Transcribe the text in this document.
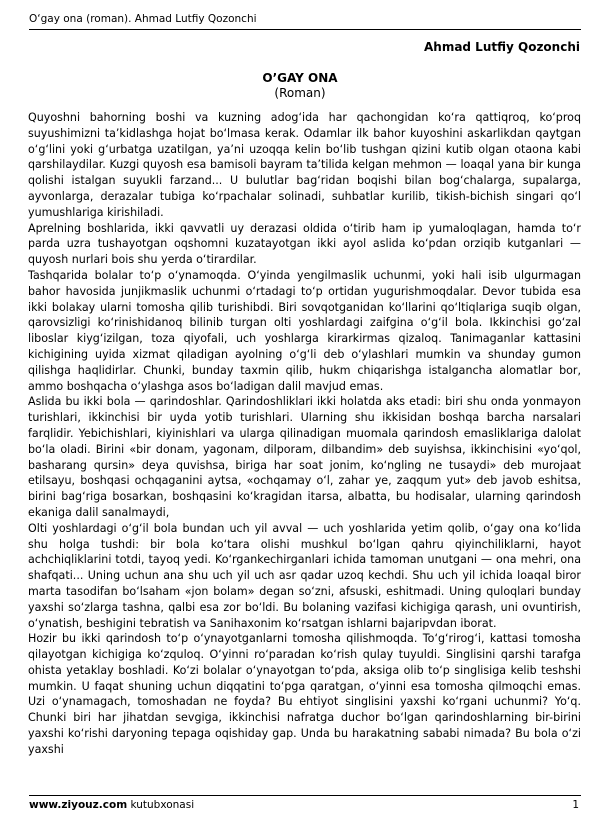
O‘gay ona (roman). Ahmad Lutfiy Qozonchi
Ahmad Lutfiy Qozonchi
O’GAY ONA
(Roman)

Quyoshni bahorning boshi va kuzning adog‘ida har qachongidan ko‘ra qattiqroq, ko‘proq suyushimizni ta’kidlashga hojat bo‘lmasa kerak. Odamlar ilk bahor kuyoshini askarlikdan qaytgan o‘g‘lini yoki g‘urbatga uzatilgan, ya’ni uzoqqa kelin bo‘lib tushgan qizini kutib olgan otaona kabi qarshilaydilar. Kuzgi quyosh esa bamisoli bayram ta’tilida kelgan mehmon — loaqal yana bir kunga qolishi istalgan suyukli farzand... U bulutlar bag‘ridan boqishi bilan bog‘chalarga, supalarga, ayvonlarga, derazalar tubiga ko‘rpachalar solinadi, suhbatlar kurilib, tikish-bichish singari qo‘l yumushlariga kirishiladi.

Aprelning boshlarida, ikki qavvatli uy derazasi oldida o‘tirib ham ip yumaloqlagan, hamda to‘r parda uzra tushayotgan oqshomni kuzatayotgan ikki ayol aslida ko‘pdan orziqib kutganlari — quyosh nurlari bois shu yerda o‘tirardilar.

Tashqarida bolalar to‘p o‘ynamoqda. O‘yinda yengilmaslik uchunmi, yoki hali isib ulgurmagan bahor havosida junjikmaslik uchunmi o‘rtadagi to‘p ortidan yugurishmoqdalar. Devor tubida esa ikki bolakay ularni tomosha qilib turishibdi. Biri sovqotganidan ko‘llarini qo‘ltiqlariga suqib olgan, qarovsizligi ko‘rinishidanoq bilinib turgan olti yoshlardagi zaifgina o‘g‘il bola. Ikkinchisi go‘zal liboslar kiyg‘izilgan, toza qiyofali, uch yoshlarga kirarkirmas qizaloq. Tanimaganlar kattasini kichigining uyida xizmat qiladigan ayolning o‘g‘li deb o‘ylashlari mumkin va shunday gumon qilishga haqlidirlar. Chunki, bunday taxmin qilib, hukm chiqarishga istalgancha alomatlar bor, ammo boshqacha o‘ylashga asos bo‘ladigan dalil mavjud emas.

Aslida bu ikki bola — qarindoshlar. Qarindoshliklari ikki holatda aks etadi: biri shu onda yonmayon turishlari, ikkinchisi bir uyda yotib turishlari. Ularning shu ikkisidan boshqa barcha narsalari farqlidir. Yebichishlari, kiyinishlari va ularga qilinadigan muomala qarindosh emasliklariga dalolat bo‘la oladi. Birini «bir donam, yagonam, dilporam, dilbandim» deb suyishsa, ikkinchisini «yo‘qol, basharang qursin» deya quvishsa, biriga har soat jonim, ko‘ngling ne tusaydi» deb murojaat etilsayu, boshqasi ochqaganini aytsa, «ochqamay o‘l, zahar ye, zaqqum yut» deb javob eshitsa, birini bag‘riga bosarkan, boshqasini ko‘kragidan itarsa, albatta, bu hodisalar, ularning qarindosh ekaniga dalil sanalmaydi,

Olti yoshlardagi o‘g‘il bola bundan uch yil avval — uch yoshlarida yetim qolib, o‘gay ona ko‘lida shu holga tushdi: bir bola ko‘tara olishi mushkul bo‘lgan qahru qiyinchiliklarni, hayot achchiqliklarini totdi, tayoq yedi. Ko‘rgankechirganlari ichida tamoman unutgani — ona mehri, ona shafqati... Uning uchun ana shu uch yil uch asr qadar uzoq kechdi. Shu uch yil ichida loaqal biror marta tasodifan bo‘lsaham «jon bolam» degan so‘zni, afsuski, eshitmadi. Uning quloqlari bunday yaxshi so‘zlarga tashna, qalbi esa zor bo‘ldi. Bu bolaning vazifasi kichigiga qarash, uni ovuntirish, o‘ynatish, beshigini tebratish va Sanihaxonim ko‘rsatgan ishlarni bajaripvdan iborat.

Hozir bu ikki qarindosh to‘p o‘ynayotganlarni tomosha qilishmoqda. To‘g‘rirog‘i, kattasi tomosha qilayotgan kichigiga ko‘zquloq. O‘yinni ro‘paradan ko‘rish qulay tuyuldi. Singlisini qarshi tarafga ohista yetaklay boshladi. Ko‘zi bolalar o‘ynayotgan to‘pda, aksiga olib to‘p singlisiga kelib teshshi mumkin. U faqat shuning uchun diqqatini to‘pga qaratgan, o‘yinni esa tomosha qilmoqchi emas. Uzi o‘ynamagach, tomoshadan ne foyda? Bu ehtiyot singlisini yaxshi ko‘rgani uchunmi? Yo‘q. Chunki biri har jihatdan sevgiga, ikkinchisi nafratga duchor bo‘lgan qarindoshlarning bir-birini yaxshi ko‘rishi daryoning tepaga oqishiday gap. Unda bu harakatning sababi nimada? Bu bola o‘zi yaxshi

www.ziyouz.com kutubxonasi	1
